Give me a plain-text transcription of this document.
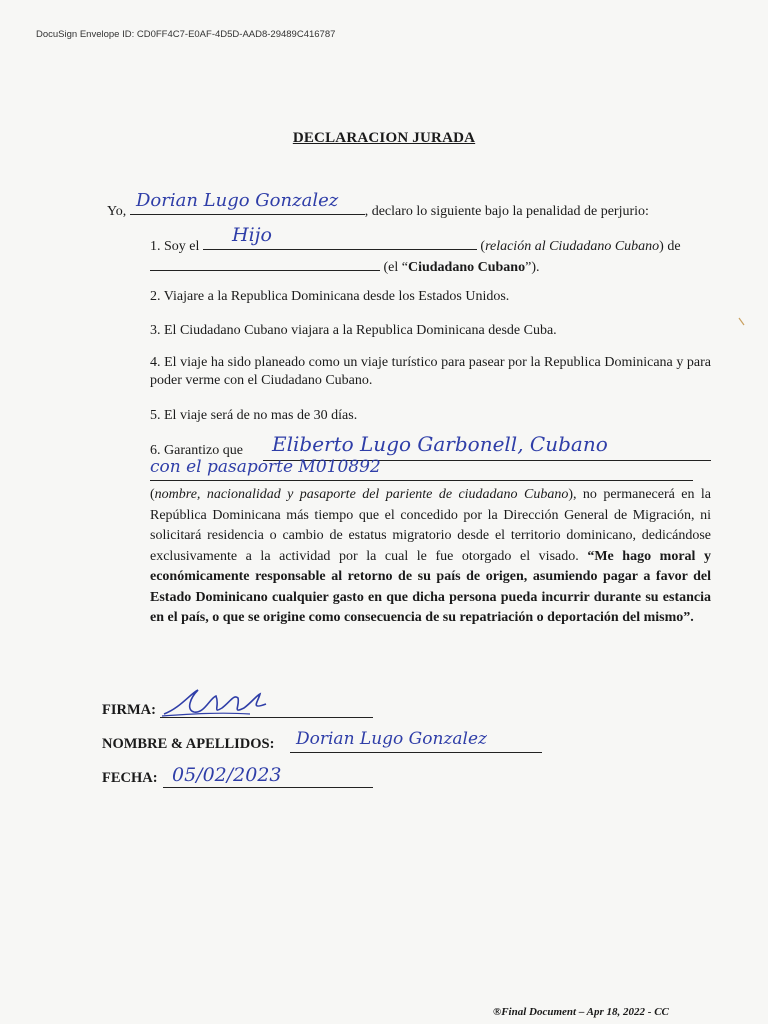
DocuSign Envelope ID: CD0FF4C7-E0AF-4D5D-AAD8-29489C416787
DECLARACION JURADA
Yo,	, declaro lo siguiente bajo la penalidad de perjurio:
Dorian Lugo Gonzalez
1. Soy el	(relación al Ciudadano Cubano) de
Hijo
(el “Ciudadano Cubano”).
2. Viajare a la Republica Dominicana desde los Estados Unidos.
3. El Ciudadano Cubano viajara a la Republica Dominicana desde Cuba.
4. El viaje ha sido planeado como un viaje turístico para pasear por la Republica Dominicana y para poder verme con el Ciudadano Cubano.
5. El viaje será de no mas de 30 días.
6. Garantizo que Eliberto Lugo Garbonell, Cubano
con el pasaporte M010892
(nombre, nacionalidad y pasaporte del pariente de ciudadano Cubano), no permanecerá en la República Dominicana más tiempo que el concedido por la Dirección General de Migración, ni solicitará residencia o cambio de estatus migratorio desde el territorio dominicano, dedicándose exclusivamente a la actividad por la cual le fue otorgado el visado. “Me hago moral y económicamente responsable al retorno de su país de origen, asumiendo pagar a favor del Estado Dominicano cualquier gasto en que dicha persona pueda incurrir durante su estancia en el país, o que se origine como consecuencia de su repatriación o deportación del mismo”.
FIRMA:
NOMBRE & APELLIDOS: Dorian Lugo Gonzalez
FECHA: 05/02/2023
®Final Document – Apr 18, 2022 - CC
